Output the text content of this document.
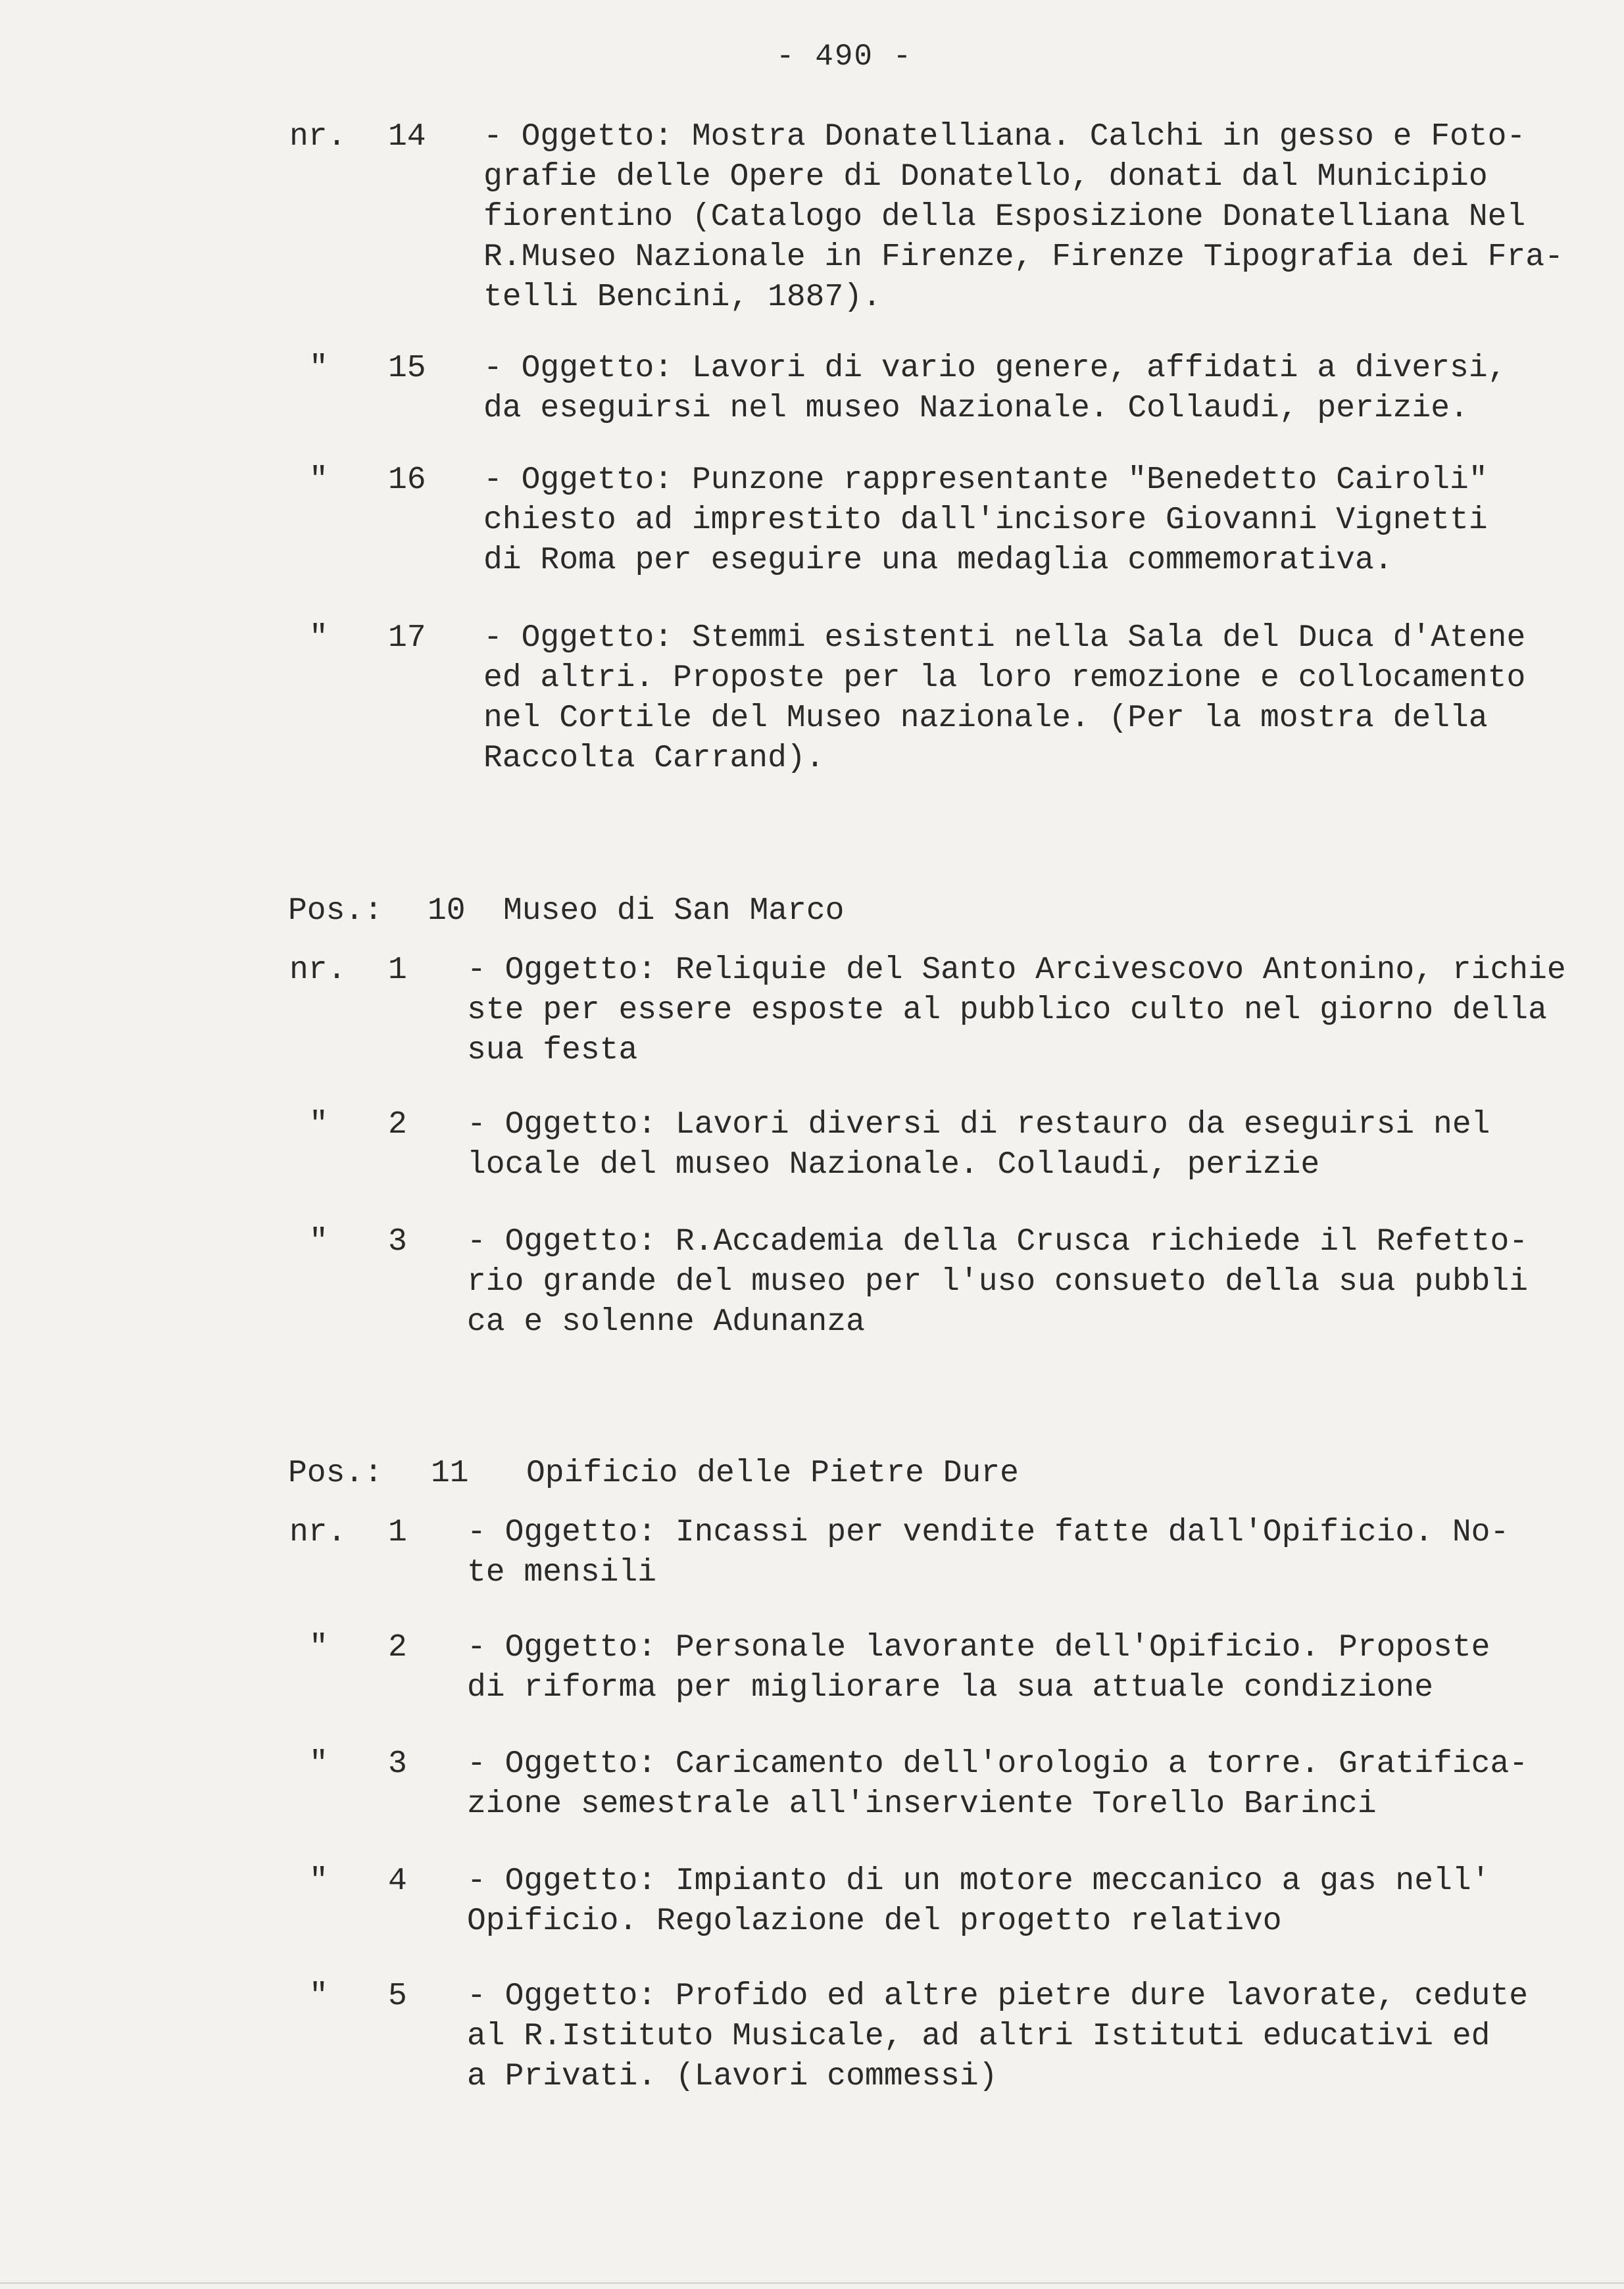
- 490 -
nr. 14 - Oggetto: Mostra Donatelliana. Calchi in gesso e Foto-
grafie delle Opere di Donatello, donati dal Municipio
fiorentino (Catalogo della Esposizione Donatelliana Nel
R.Museo Nazionale in Firenze, Firenze Tipografia dei Fra-
telli Bencini, 1887).
" 15 - Oggetto: Lavori di vario genere, affidati a diversi,
da eseguirsi nel museo Nazionale. Collaudi, perizie.
" 16 - Oggetto: Punzone rappresentante "Benedetto Cairoli"
chiesto ad imprestito dall'incisore Giovanni Vignetti
di Roma per eseguire una medaglia commemorativa.
" 17 - Oggetto: Stemmi esistenti nella Sala del Duca d'Atene
ed altri. Proposte per la loro remozione e collocamento
nel Cortile del Museo nazionale. (Per la mostra della
Raccolta Carrand).
Pos.: 10 Museo di San Marco
nr. 1 - Oggetto: Reliquie del Santo Arcivescovo Antonino, richie
ste per essere esposte al pubblico culto nel giorno della
sua festa
" 2 - Oggetto: Lavori diversi di restauro da eseguirsi nel
locale del museo Nazionale. Collaudi, perizie
" 3 - Oggetto: R.Accademia della Crusca richiede il Refetto-
rio grande del museo per l'uso consueto della sua pubbli
ca e solenne Adunanza
Pos.: 11 Opificio delle Pietre Dure
nr. 1 - Oggetto: Incassi per vendite fatte dall'Opificio. No-
te mensili
" 2 - Oggetto: Personale lavorante dell'Opificio. Proposte
di riforma per migliorare la sua attuale condizione
" 3 - Oggetto: Caricamento dell'orologio a torre. Gratifica-
zione semestrale all'inserviente Torello Barinci
" 4 - Oggetto: Impianto di un motore meccanico a gas nell'
Opificio. Regolazione del progetto relativo
" 5 - Oggetto: Profido ed altre pietre dure lavorate, cedute
al R.Istituto Musicale, ad altri Istituti educativi ed
a Privati. (Lavori commessi)
